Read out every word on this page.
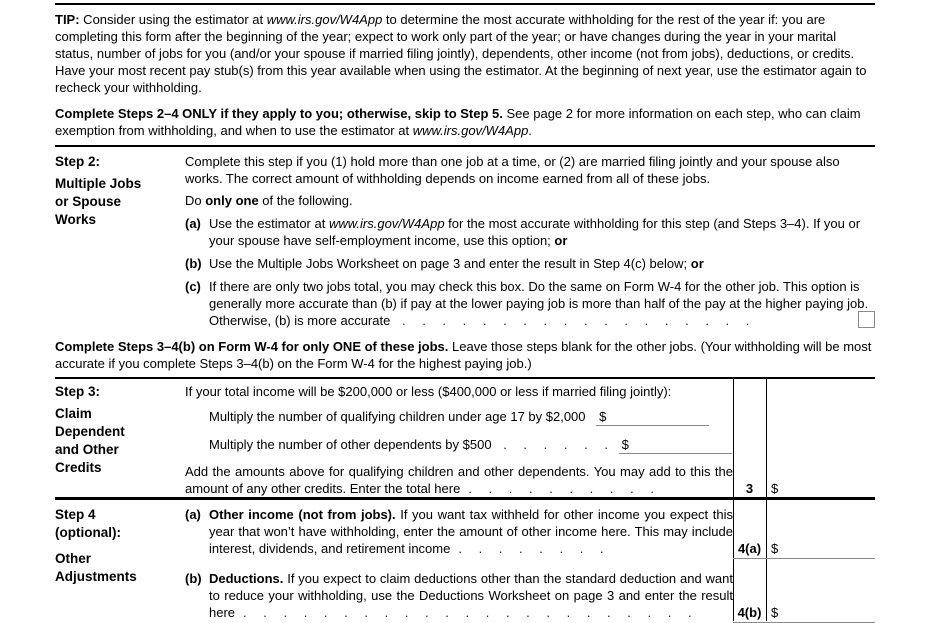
TIP: Consider using the estimator at www.irs.gov/W4App to determine the most accurate withholding for the rest of the year if: you are completing this form after the beginning of the year; expect to work only part of the year; or have changes during the year in your marital status, number of jobs for you (and/or your spouse if married filing jointly), dependents, other income (not from jobs), deductions, or credits. Have your most recent pay stub(s) from this year available when using the estimator. At the beginning of next year, use the estimator again to recheck your withholding.

Complete Steps 2–4 ONLY if they apply to you; otherwise, skip to Step 5. See page 2 for more information on each step, who can claim exemption from withholding, and when to use the estimator at www.irs.gov/W4App.

Step 2:
Multiple Jobs or Spouse Works
Complete this step if you (1) hold more than one job at a time, or (2) are married filing jointly and your spouse also works. The correct amount of withholding depends on income earned from all of these jobs.
Do only one of the following.
(a) Use the estimator at www.irs.gov/W4App for the most accurate withholding for this step (and Steps 3–4). If you or your spouse have self-employment income, use this option; or
(b) Use the Multiple Jobs Worksheet on page 3 and enter the result in Step 4(c) below; or
(c) If there are only two jobs total, you may check this box. Do the same on Form W-4 for the other job. This option is generally more accurate than (b) if pay at the lower paying job is more than half of the pay at the higher paying job. Otherwise, (b) is more accurate . . . . . . . . . . . . . . . . . .

Complete Steps 3–4(b) on Form W-4 for only ONE of these jobs. Leave those steps blank for the other jobs. (Your withholding will be most accurate if you complete Steps 3–4(b) on the Form W-4 for the highest paying job.)

Step 3:
Claim Dependent and Other Credits
If your total income will be $200,000 or less ($400,000 or less if married filing jointly):
Multiply the number of qualifying children under age 17 by $2,000 $
Multiply the number of other dependents by $500 . . . . . . $
Add the amounts above for qualifying children and other dependents. You may add to this the amount of any other credits. Enter the total here . . . . . . . . . .	3	$
Step 4
(optional):
Other Adjustments
(a) Other income (not from jobs). If you want tax withheld for other income you expect this year that won’t have withholding, enter the amount of other income here. This may include interest, dividends, and retirement income . . . . . . . .	4(a) $
(b) Deductions. If you expect to claim deductions other than the standard deduction and want to reduce your withholding, use the Deductions Worksheet on page 3 and enter the result here . . . . . . . . . . . . . . . . . . . . . . .	4(b) $
